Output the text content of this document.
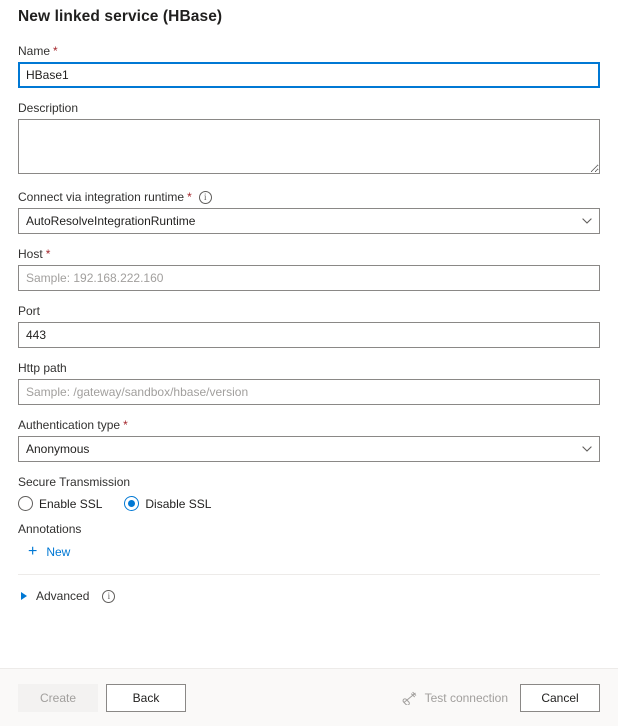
New linked service (HBase)
Name *
HBase1
Description
Connect via integration runtime *	i
AutoResolveIntegrationRuntime
Host *
Sample: 192.168.222.160
Port
443
Http path
Sample: /gateway/sandbox/hbase/version
Authentication type *
Anonymous
Secure Transmission
Enable SSL	Disable SSL
Annotations
+ New
Advanced	i
Create	Back	Test connection	Cancel
